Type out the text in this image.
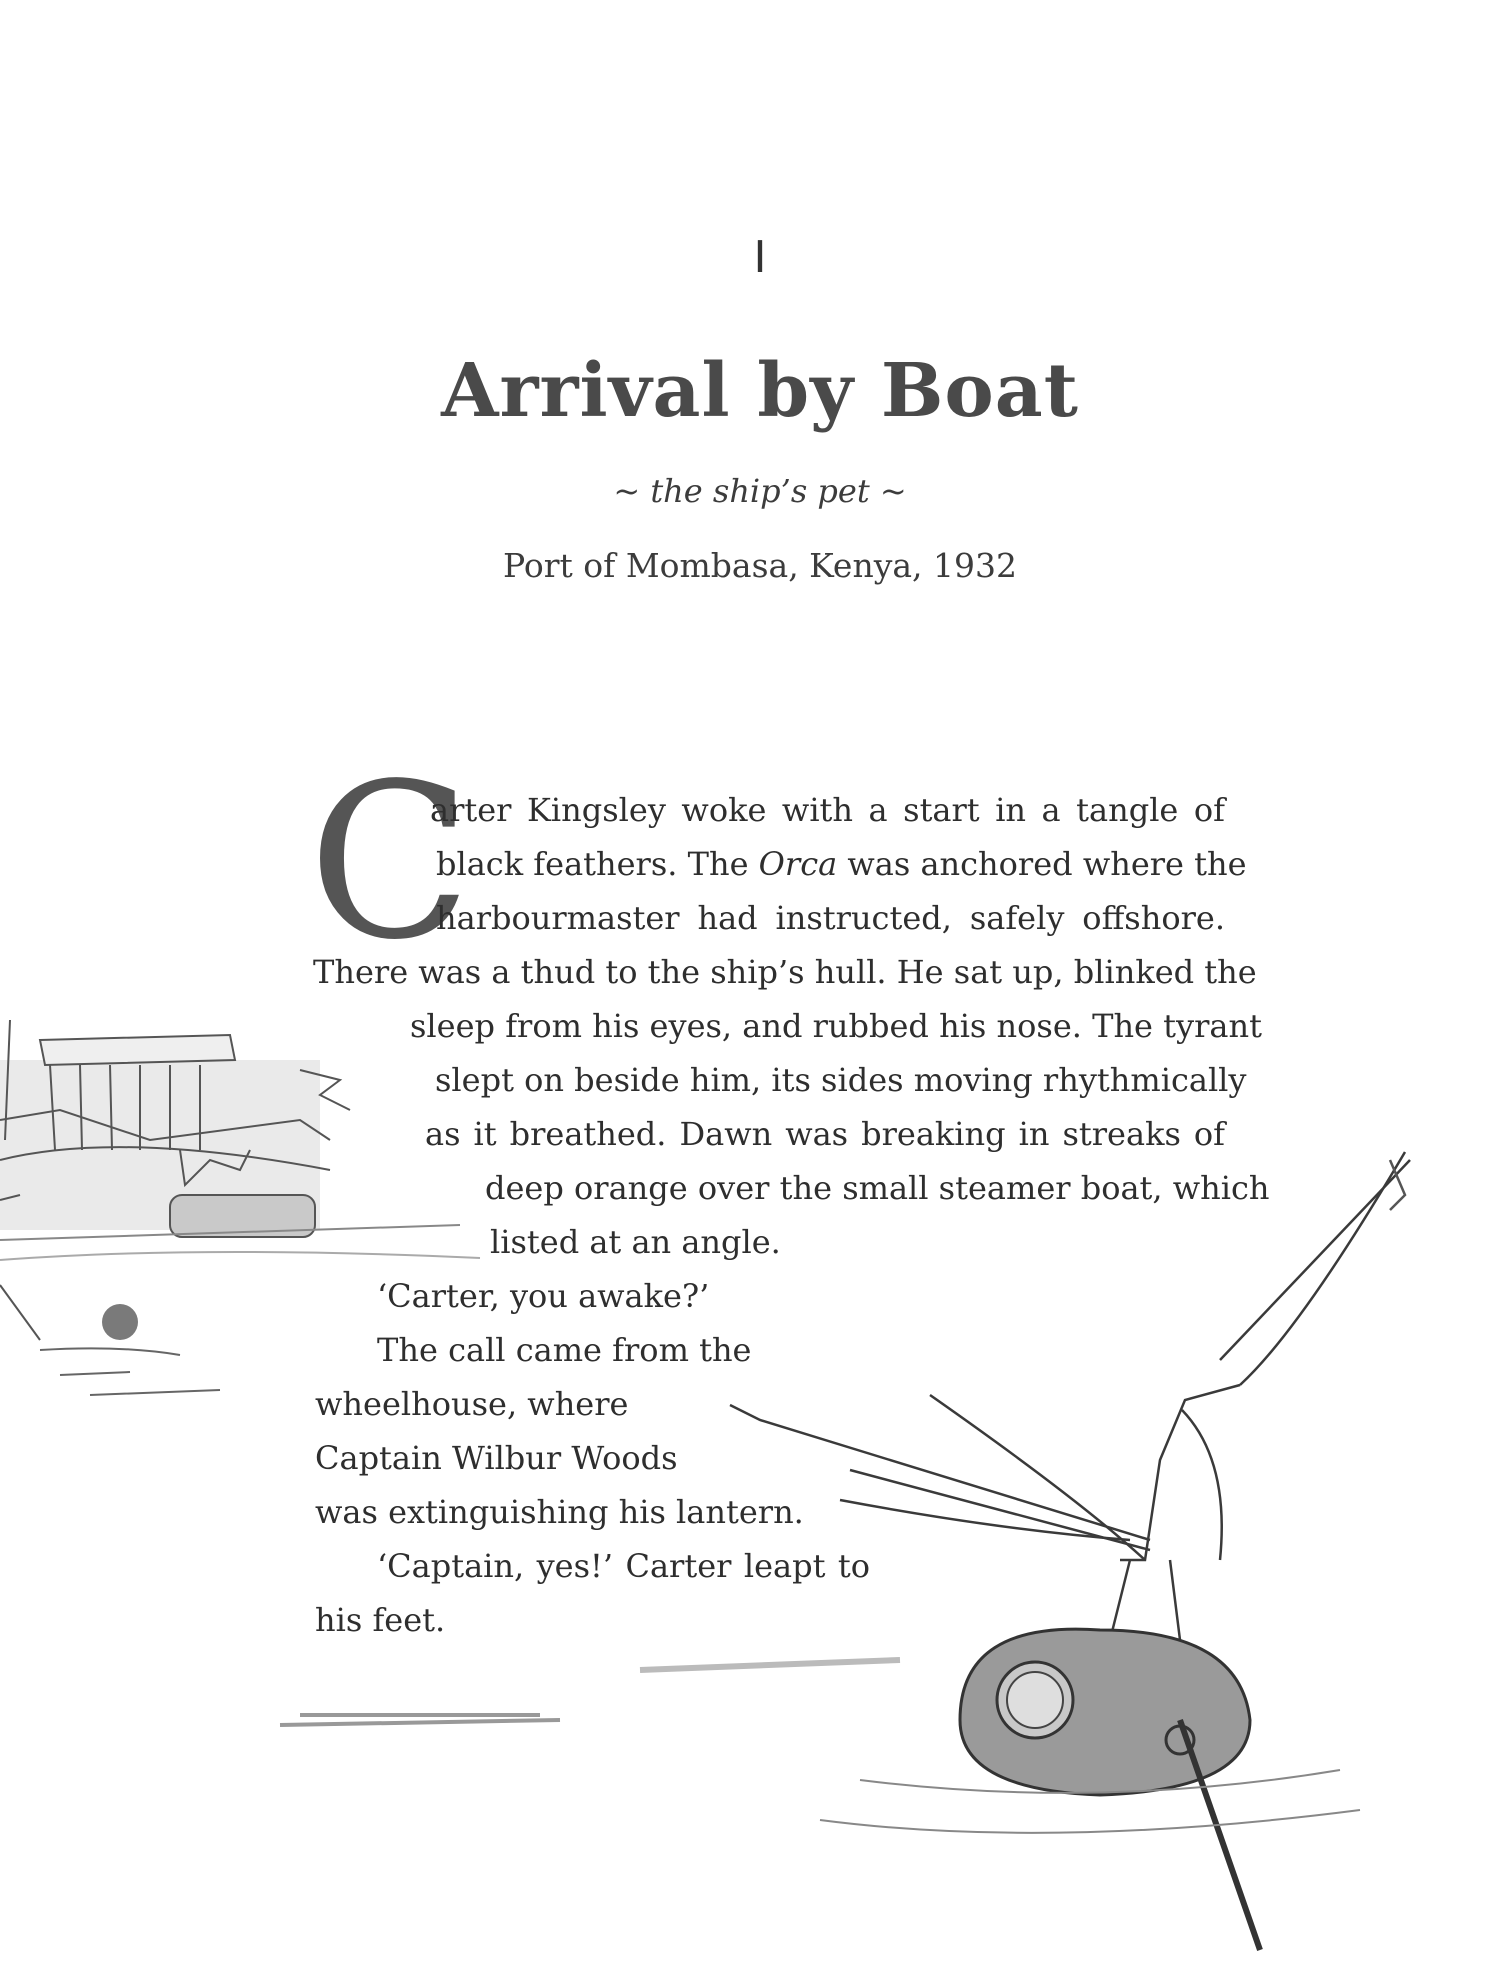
I
Arrival by Boat
~ the ship’s pet ~
Port of Mombasa, Kenya, 1932
C
arter Kingsley woke with a start in a tangle of
black feathers. The Orca was anchored where the
harbourmaster had instructed, safely offshore.
There was a thud to the ship’s hull. He sat up, blinked the
sleep from his eyes, and rubbed his nose. The tyrant
slept on beside him, its sides moving rhythmically
as it breathed. Dawn was breaking in streaks of
deep orange over the small steamer boat, which
listed at an angle.
‘Carter, you awake?’
The call came from the
wheelhouse, where
Captain Wilbur Woods
was extinguishing his lantern.
‘Captain, yes!’ Carter leapt to
his feet.
